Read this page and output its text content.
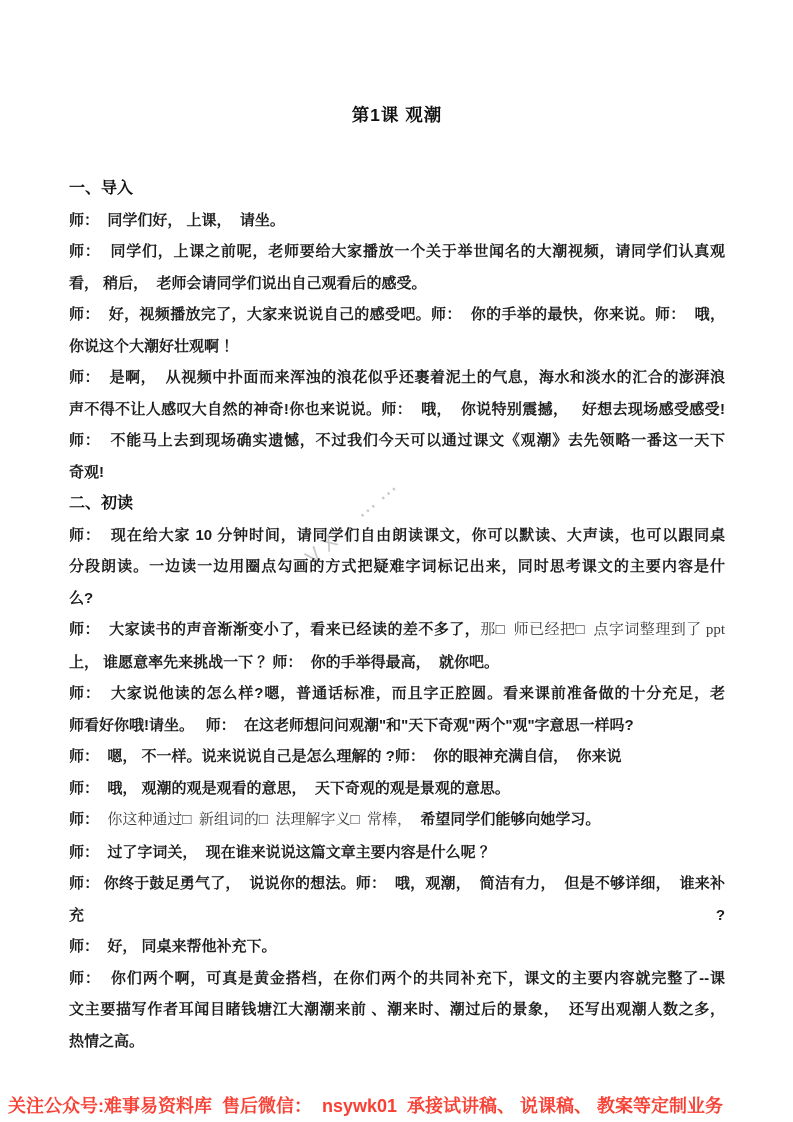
VX：⋯⋯
第1课 观潮
一、导入
师：  同学们好， 上课，  请坐。
师：  同学们，上课之前呢，老师要给大家播放一个关于举世闻名的大潮视频，请同学们认真观
看， 稍后，  老师会请同学们说出自己观看后的感受。
师：  好，视频播放完了，大家来说说自己的感受吧。师：  你的手举的最快，你来说。师：  哦，
你说这个大潮好壮观啊 ！
师：  是啊，  从视频中扑面而来浑浊的浪花似乎还裹着泥土的气息，海水和淡水的汇合的澎湃浪
声不得不让人感叹大自然的神奇!你也来说说。师：  哦，  你说特别震撼，   好想去现场感受感受!
师：  不能马上去到现场确实遗憾，不过我们今天可以通过课文《观潮》去先领略一番这一天下
奇观!
二、初读
师：  现在给大家 10 分钟时间，请同学们自由朗读课文，你可以默读、大声读，也可以跟同桌
分段朗读。一边读一边用圈点勾画的方式把疑难字词标记出来，同时思考课文的主要内容是什
么?
师：  大家读书的声音渐渐变小了，看来已经读的差不多了，那□  师已经把□  点字词整理到了 ppt
上， 谁愿意率先来挑战一下 ？师：  你的手举得最高，  就你吧。
师：  大家说他读的怎么样?嗯，普通话标准，而且字正腔圆。看来课前准备做的十分充足，老
师看好你哦!请坐。　 师：  在这老师想问问观潮"和"天下奇观"两个"观"字意思一样吗?
师：  嗯， 不一样。说来说说自己是怎么理解的 ?师：  你的眼神充满自信，  你来说
师：  哦， 观潮的观是观看的意思，  天下奇观的观是景观的意思。
师：  你这种通过□  新组词的□  法理解字义□  常棒，  希望同学们能够向她学习。
师：  过了字词关，  现在谁来说说这篇文章主要内容是什么呢 ？
师： 你终于鼓足勇气了，  说说你的想法。师：  哦，观潮，  简洁有力，  但是不够详细，  谁来补充?
师：  好， 同桌来帮他补充下。
师：  你们两个啊，可真是黄金搭档，在你们两个的共同补充下，课文的主要内容就完整了--课
文主要描写作者耳闻目睹钱塘江大潮潮来前 、潮来时、潮过后的景象，  还写出观潮人数之多，
热情之高。
关注公众号:难事易资料库  售后微信：  nsywk01  承接试讲稿、 说课稿、 教案等定制业务
